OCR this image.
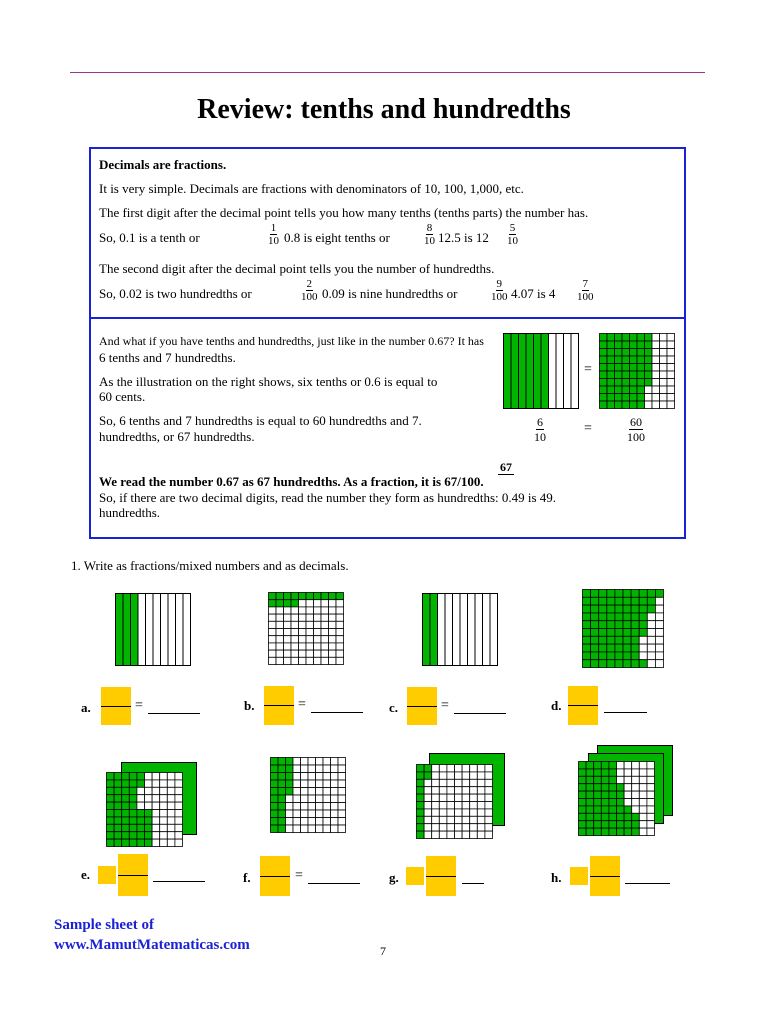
Review: tenths and hundredths
Decimals are fractions.
It is very simple. Decimals are fractions with denominators of 10, 100, 1,000, etc.
The first digit after the decimal point tells you how many tenths (tenths parts) the number has.
So, 0.1 is a tenth or	$\frac{1}{10} 0.8$ is eight tenths or	$\frac{8}{10} 12.5$ is $12 \frac{5}{10}$
The second digit after the decimal point tells you the number of hundredths.
So, 0.02 is two hundredths or	$\frac{2}{100} 0.09$ is nine hundredths or	$\frac{9}{100} 4.07$ is $4 \frac{7}{100}$
And what if you have tenths and hundredths, just like in the number 0.67? It has
6 tenths and 7 hundredths.
As the illustration on the right shows, six tenths or 0.6 is equal to
60 cents.
So, 6 tenths and 7 hundredths is equal to 60 hundredths and 7.
hundredths, or 67 hundredths.
We read the number 0.67 as 67 hundredths. As a fraction, it is 67/100.
67
So, if there are two decimal digits, read the number they form as hundredths: 0.49 is 49.
hundredths.
=
$\frac{6}{10}$	=	$\frac{60}{100}$
1. Write as fractions/mixed numbers and as decimals.
a.	=	b.	=	c.	=	d.
e.	f.	=	g.	h.
Sample sheet of
www.MamutMatematicas.com	7
